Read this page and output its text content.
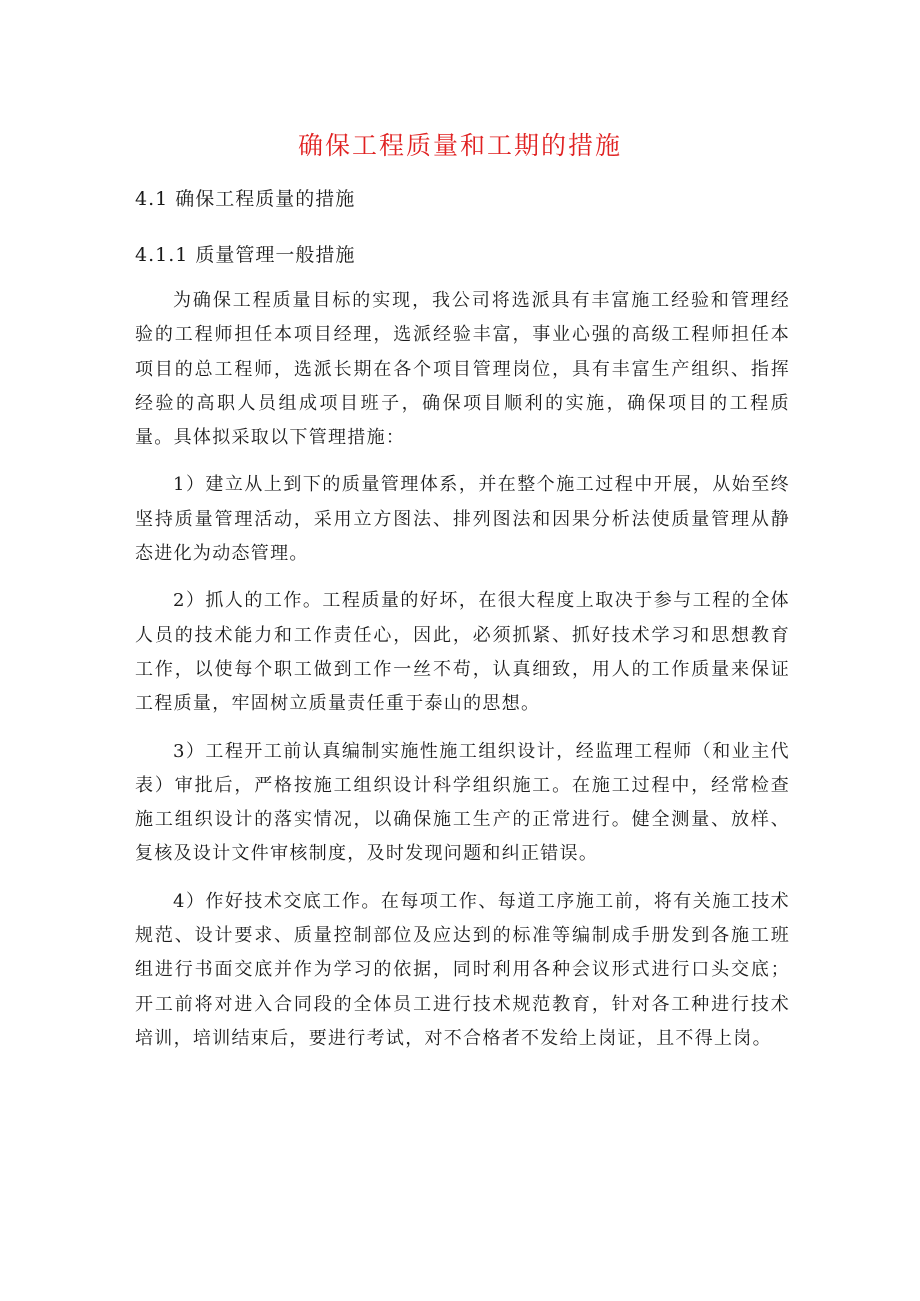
确保工程质量和工期的措施
4.1 确保工程质量的措施
4.1.1 质量管理一般措施

为确保工程质量目标的实现，我公司将选派具有丰富施工经验和管理经验的工程师担任本项目经理，选派经验丰富，事业心强的高级工程师担任本项目的总工程师，选派长期在各个项目管理岗位，具有丰富生产组织、指挥经验的高职人员组成项目班子，确保项目顺利的实施，确保项目的工程质量。具体拟采取以下管理措施：

1）建立从上到下的质量管理体系，并在整个施工过程中开展，从始至终坚持质量管理活动，采用立方图法、排列图法和因果分析法使质量管理从静态进化为动态管理。

2）抓人的工作。工程质量的好坏，在很大程度上取决于参与工程的全体人员的技术能力和工作责任心，因此，必须抓紧、抓好技术学习和思想教育工作，以使每个职工做到工作一丝不苟，认真细致，用人的工作质量来保证工程质量，牢固树立质量责任重于泰山的思想。

3）工程开工前认真编制实施性施工组织设计，经监理工程师（和业主代表）审批后，严格按施工组织设计科学组织施工。在施工过程中，经常检查施工组织设计的落实情况，以确保施工生产的正常进行。健全测量、放样、复核及设计文件审核制度，及时发现问题和纠正错误。

4）作好技术交底工作。在每项工作、每道工序施工前，将有关施工技术规范、设计要求、质量控制部位及应达到的标准等编制成手册发到各施工班组进行书面交底并作为学习的依据，同时利用各种会议形式进行口头交底；开工前将对进入合同段的全体员工进行技术规范教育，针对各工种进行技术培训，培训结束后，要进行考试，对不合格者不发给上岗证，且不得上岗。
